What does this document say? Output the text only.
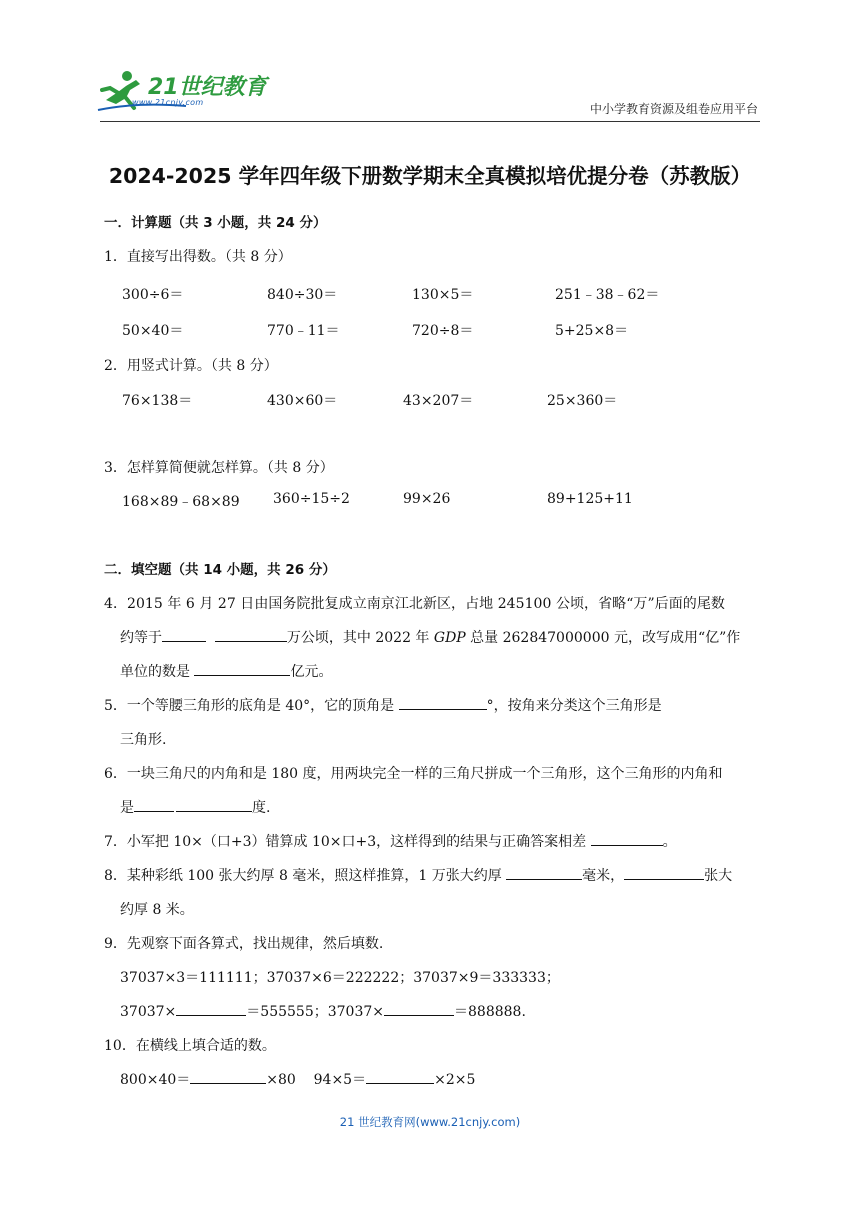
21世纪教育
www.21cnjy.com	中小学教育资源及组卷应用平台
2024-2025 学年四年级下册数学期末全真模拟培优提分卷（苏教版）
一．计算题（共 3 小题，共 24 分）
1．直接写出得数。（共 8 分）
300÷6＝	840÷30＝	130×5＝	251﹣38﹣62＝
50×40＝	770﹣11＝	720÷8＝	5+25×8＝
2．用竖式计算。（共 8 分）
76×138＝	430×60＝	43×207＝	25×360＝
3．怎样算简便就怎样算。（共 8 分）
168×89﹣68×89 360÷15÷2	99×26	89+125+11
二．填空题（共 14 小题，共 26 分）
4．2015 年 6 月 27 日由国务院批复成立南京江北新区，占地 245100 公顷，省略“万”后面的尾数
约等于	万公顷，其中 2022 年 GDP 总量 262847000000 元，改写成用“亿”作
单位的数是	亿元。
5．一个等腰三角形的底角是 40°，它的顶角是	°，按角来分类这个三角形是
三角形.
6．一块三角尺的内角和是 180 度，用两块完全一样的三角尺拼成一个三角形，这个三角形的内角和
是	度.
7．小军把 10×（口+3）错算成 10×口+3，这样得到的结果与正确答案相差	。
8．某种彩纸 100 张大约厚 8 毫米，照这样推算，1 万张大约厚	毫米，	张大
约厚 8 米。
9．先观察下面各算式，找出规律，然后填数.
37037×3＝111111；37037×6＝222222；37037×9＝333333；
37037×	＝555555；37037×	＝888888.
10．在横线上填合适的数。
800×40＝	×80 94×5＝	×2×5
21 世纪教育网(www.21cnjy.com)
